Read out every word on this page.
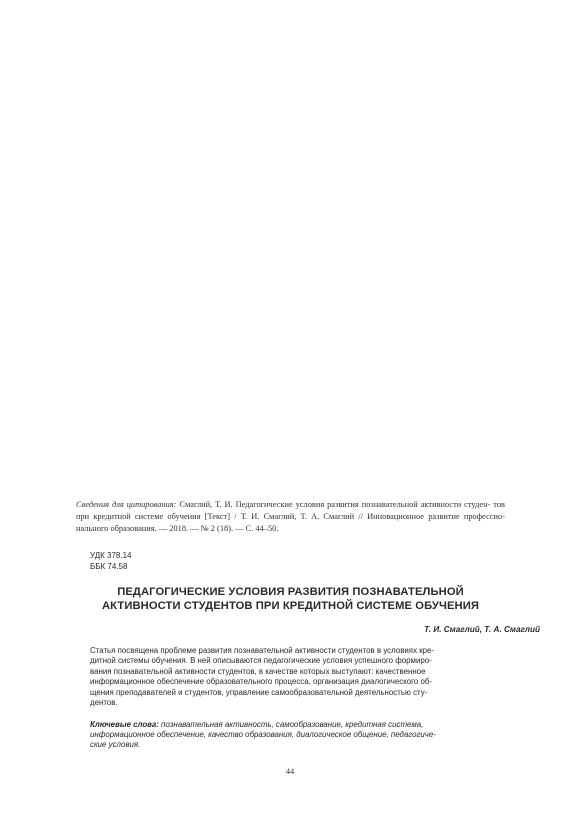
Сведения для цитирования: Смаглий, Т. И. Педагогические условия развития познавательной активности студен- тов при кредитной системе обучения [Текст] / Т. И. Смаглий, Т. А. Смаглий // Инновационное развитие профессио- нального образования. — 2018. — № 2 (18). — С. 44–50.
УДК 378.14
ББК 74.58
ПЕДАГОГИЧЕСКИЕ УСЛОВИЯ РАЗВИТИЯ ПОЗНАВАТЕЛЬНОЙ
АКТИВНОСТИ СТУДЕНТОВ ПРИ КРЕДИТНОЙ СИСТЕМЕ ОБУЧЕНИЯ
Т. И. Смаглий, Т. А. Смаглий
Статья посвящена проблеме развития познавательной активности студентов в условиях кре-
дитной системы обучения. В ней описываются педагогические условия успешного формиро-
вания познавательной активности студентов, в качестве которых выступают: качественное
информационное обеспечение образовательного процесса, организация диалогического об-
щения преподавателей и студентов, управление самообразовательной деятельностью сту-
дентов.
Ключевые слова: познавательная активность, самообразование, кредитная система,
информационное обеспечение, качество образования, диалогическое общение, педагогиче-
ские условия.
44
